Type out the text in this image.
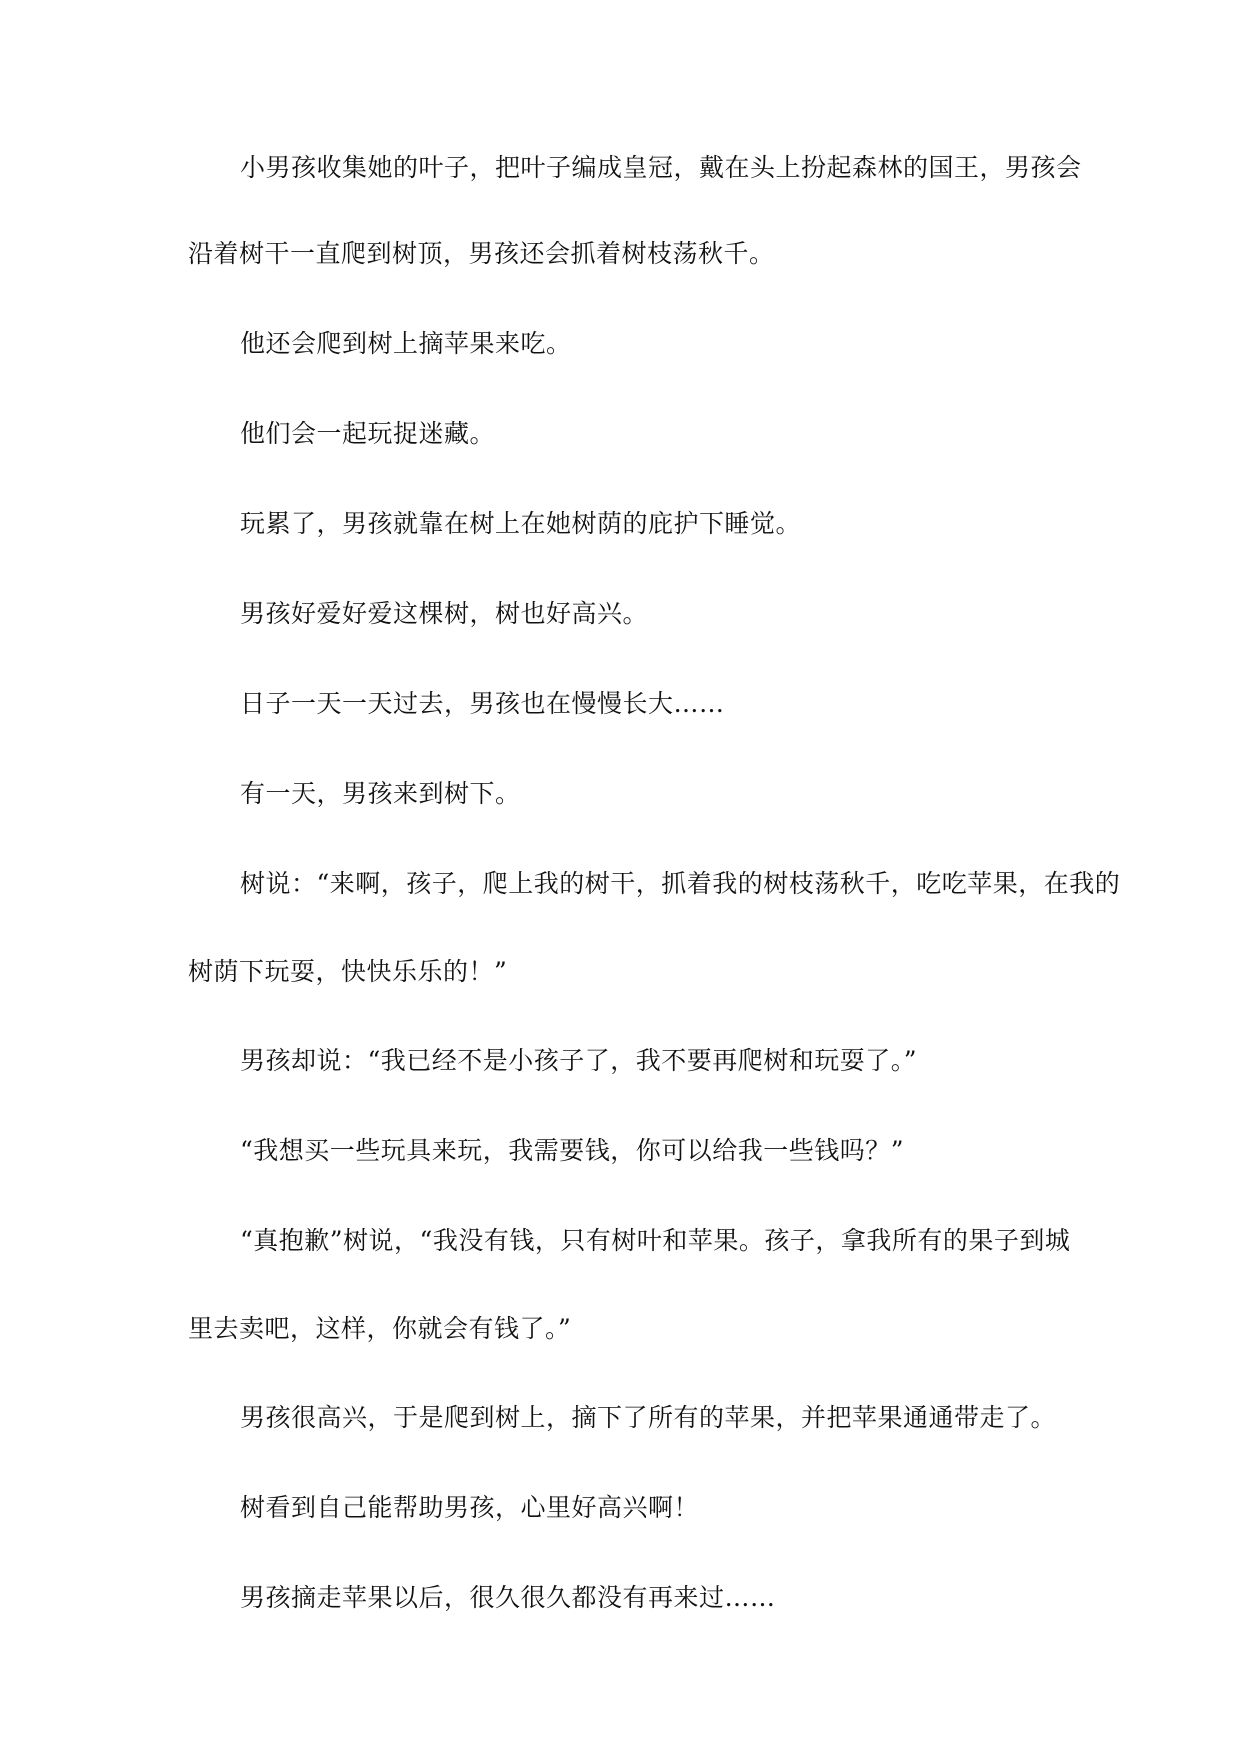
小男孩收集她的叶子，把叶子编成皇冠，戴在头上扮起森林的国王，男孩会
沿着树干一直爬到树顶，男孩还会抓着树枝荡秋千。
他还会爬到树上摘苹果来吃。
他们会一起玩捉迷藏。
玩累了，男孩就靠在树上在她树荫的庇护下睡觉。
男孩好爱好爱这棵树，树也好高兴。
日子一天一天过去，男孩也在慢慢长大……
有一天，男孩来到树下。
树说：“来啊，孩子，爬上我的树干，抓着我的树枝荡秋千，吃吃苹果，在我的
树荫下玩耍，快快乐乐的！”
男孩却说：“我已经不是小孩子了，我不要再爬树和玩耍了。”
“我想买一些玩具来玩，我需要钱，你可以给我一些钱吗？”
“真抱歉”树说，“我没有钱，只有树叶和苹果。孩子，拿我所有的果子到城
里去卖吧，这样，你就会有钱了。”
男孩很高兴，于是爬到树上，摘下了所有的苹果，并把苹果通通带走了。
树看到自己能帮助男孩，心里好高兴啊！
男孩摘走苹果以后，很久很久都没有再来过……
